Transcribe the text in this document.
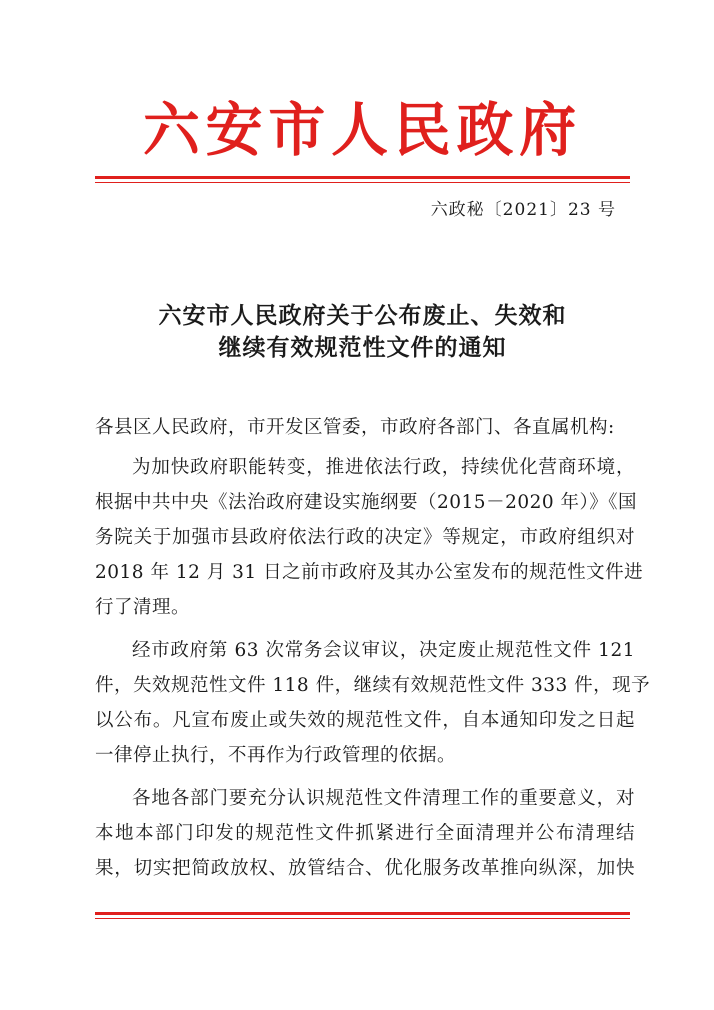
六安市人民政府
六政秘〔2021〕23 号
六安市人民政府关于公布废止、失效和
继续有效规范性文件的通知
各县区人民政府，市开发区管委，市政府各部门、各直属机构:
为加快政府职能转变，推进依法行政，持续优化营商环境，
根据中共中央《法治政府建设实施纲要（2015－2020 年）》《国
务院关于加强市县政府依法行政的决定》等规定，市政府组织对
2018 年 12 月 31 日之前市政府及其办公室发布的规范性文件进
行了清理。
经市政府第 63 次常务会议审议，决定废止规范性文件 121
件，失效规范性文件 118 件，继续有效规范性文件 333 件，现予
以公布。凡宣布废止或失效的规范性文件，自本通知印发之日起
一律停止执行，不再作为行政管理的依据。
各地各部门要充分认识规范性文件清理工作的重要意义，对
本地本部门印发的规范性文件抓紧进行全面清理并公布清理结
果，切实把简政放权、放管结合、优化服务改革推向纵深，加快
